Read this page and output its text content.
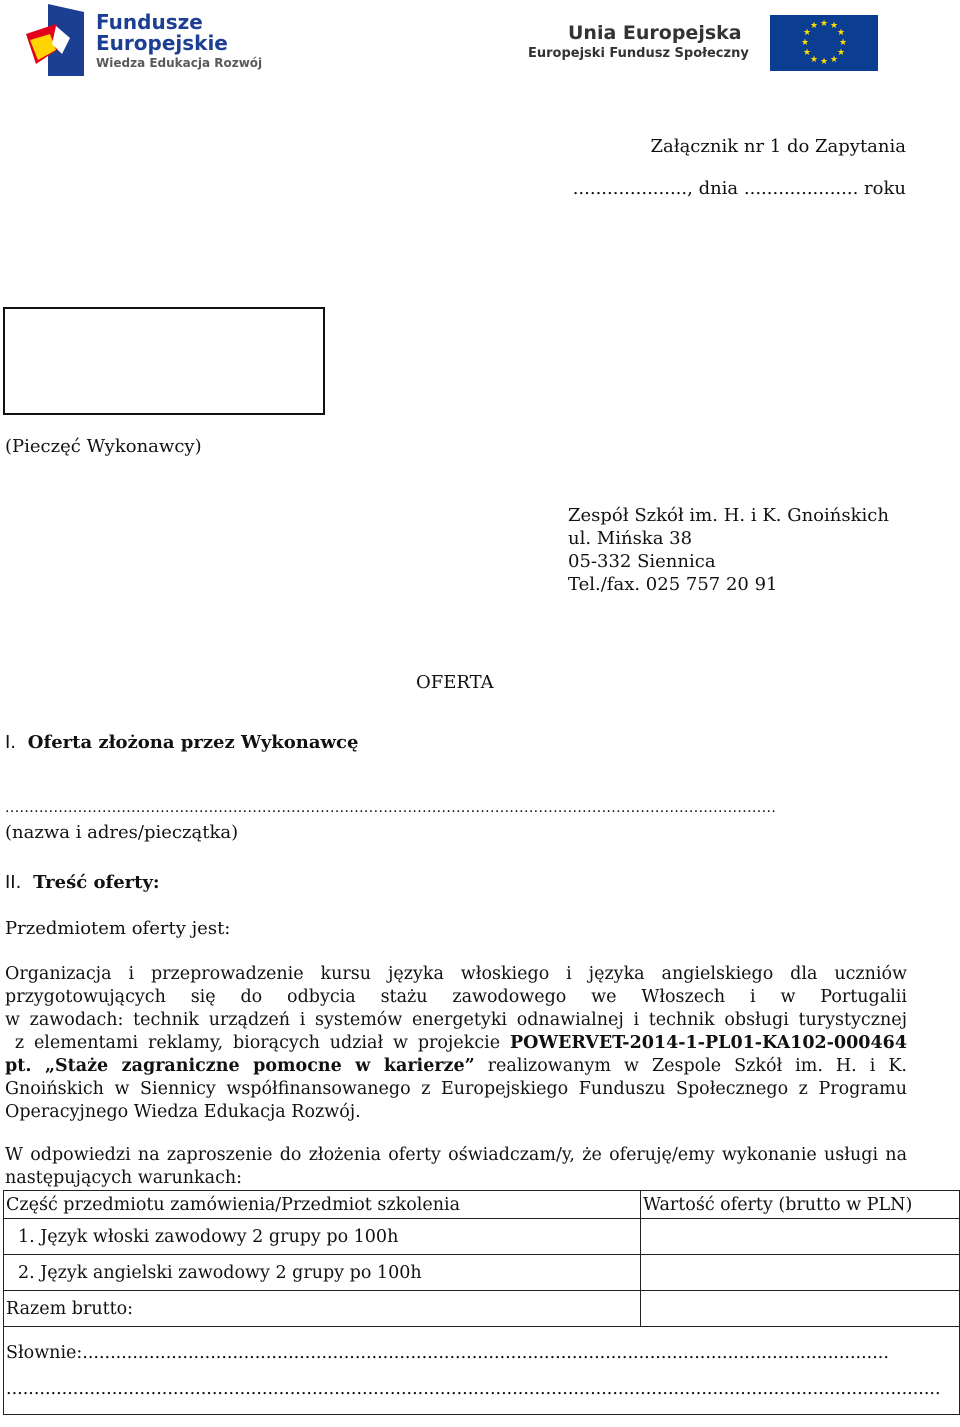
Fundusze
Europejskie
Wiedza Edukacja Rozwój
Unia Europejska
Europejski Fundusz Społeczny
★ ★
★
★
★
★
★
★
★
★
★
★
Załącznik nr 1 do Zapytania
...................., dnia .................... roku
(Pieczęć Wykonawcy)
Zespół Szkół im. H. i K. Gnoińskich
ul. Mińska 38
05-332 Siennica
Tel./fax. 025 757 20 91
OFERTA
I. Oferta złożona przez Wykonawcę
...............................................................................................................................................................
(nazwa i adres/pieczątka)
II. Treść oferty:
Przedmiotem oferty jest:
Organizacja i przeprowadzenie kursu języka włoskiego i języka angielskiego dla uczniów
przygotowujących się do odbycia stażu zawodowego we Włoszech i w Portugalii
w zawodach: technik urządzeń i systemów energetyki odnawialnej i technik obsługi turystycznej
z elementami reklamy, biorących udział w projekcie POWERVET-2014-1-PL01-KA102-000464
pt. „Staże zagraniczne pomocne w karierze” realizowanym w Zespole Szkół im. H. i K.
Gnoińskich w Siennicy współfinansowanego z Europejskiego Funduszu Społecznego z Programu
Operacyjnego Wiedza Edukacja Rozwój.
W odpowiedzi na zaproszenie do złożenia oferty oświadczam/y, że oferuję/emy wykonanie usługi na
następujących warunkach:
Część przedmiotu zamówienia/Przedmiot szkolenia	Wartość oferty (brutto w PLN)
1. Język włoski zawodowy 2 grupy po 100h	
2. Język angielski zawodowy 2 grupy po 100h	
Razem brutto:	

Słownie:.................................................................................................................................................
........................................................................................................................................................................	
